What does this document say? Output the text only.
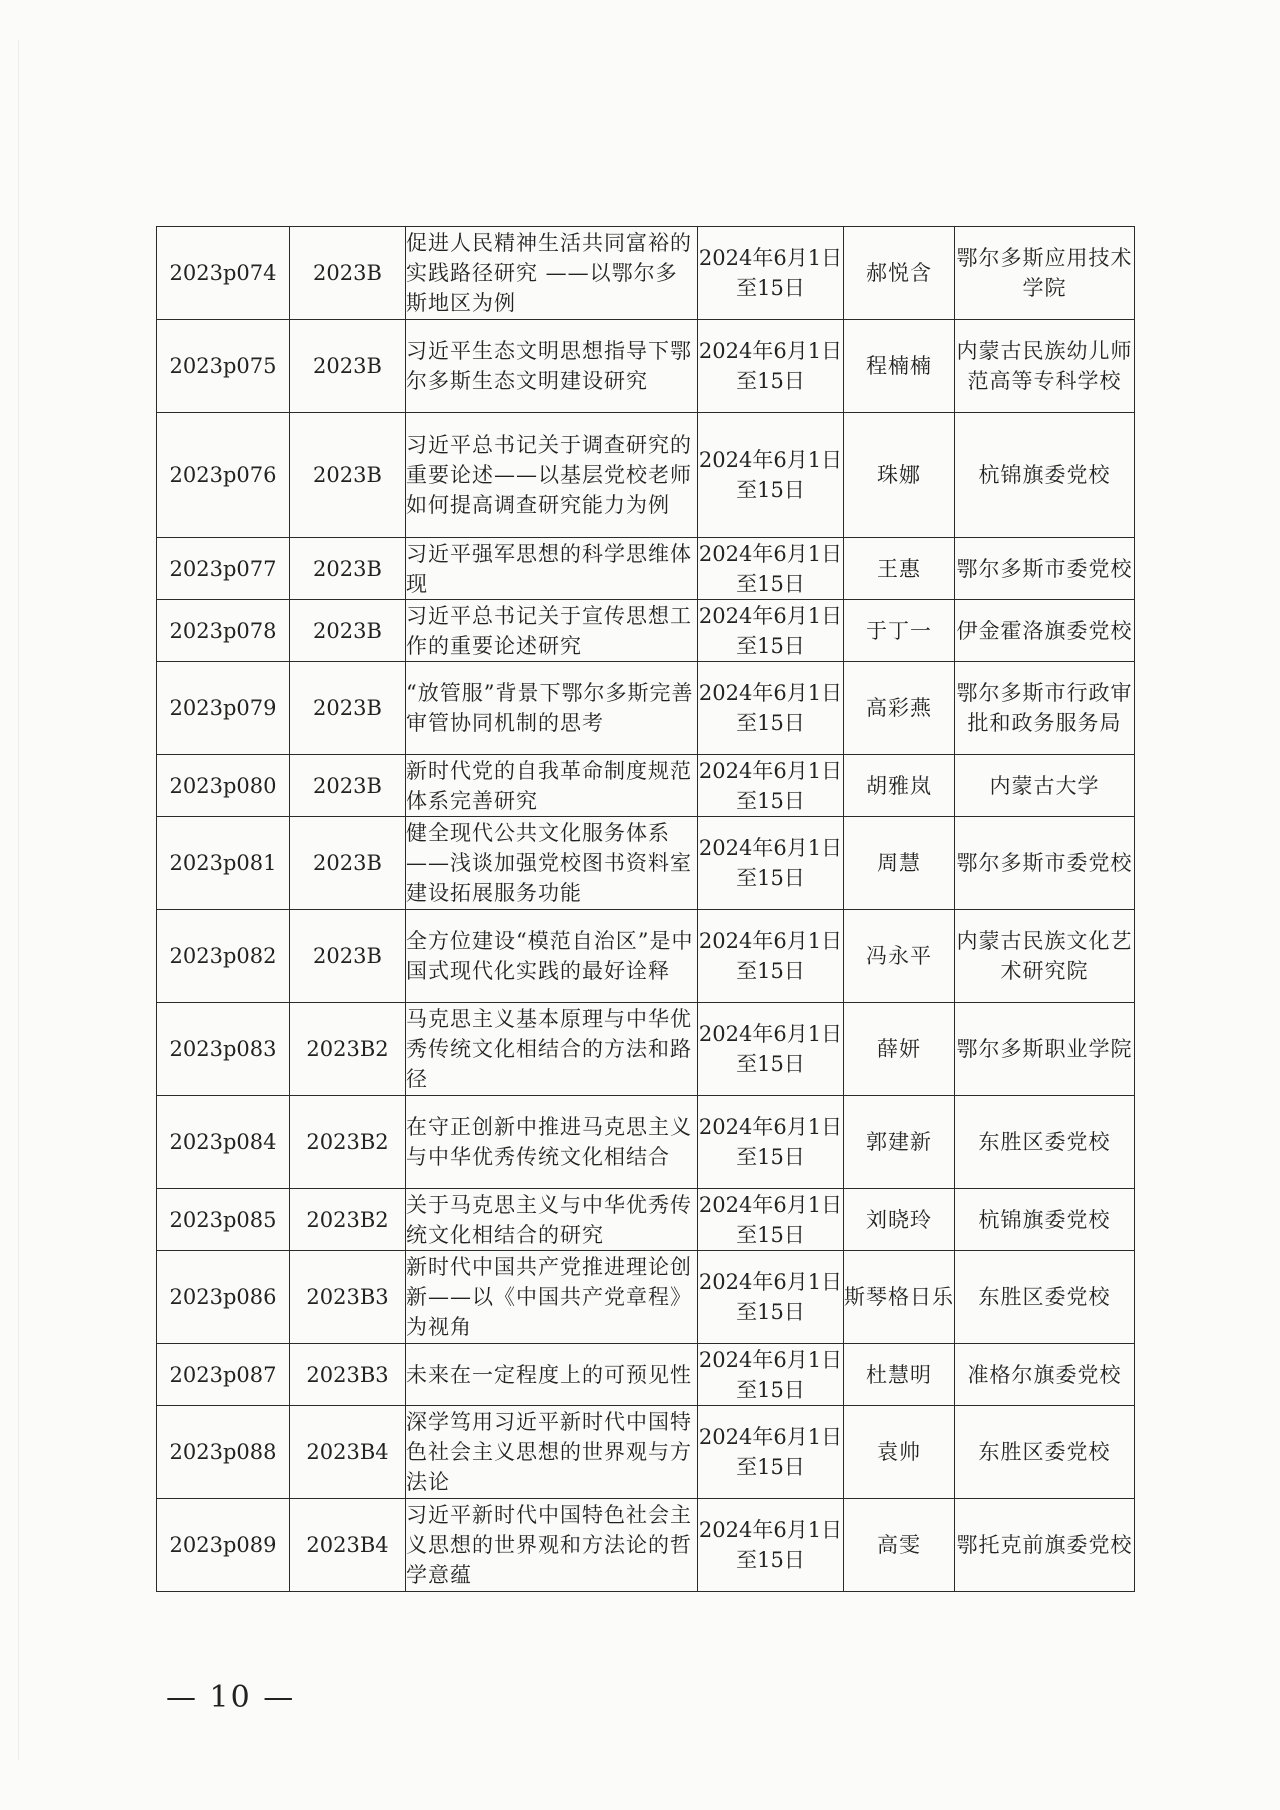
2023p074	2023B	促进人民精神生活共同富裕的实践路径研究 ——以鄂尔多斯地区为例	2024年6月1日至15日	郝悦含	鄂尔多斯应用技术学院
2023p075	2023B	习近平生态文明思想指导下鄂尔多斯生态文明建设研究	2024年6月1日至15日	程楠楠	内蒙古民族幼儿师范高等专科学校
2023p076	2023B	习近平总书记关于调查研究的重要论述——以基层党校老师如何提高调查研究能力为例	2024年6月1日至15日	珠娜	杭锦旗委党校
2023p077	2023B	习近平强军思想的科学思维体现	2024年6月1日至15日	王惠	鄂尔多斯市委党校
2023p078	2023B	习近平总书记关于宣传思想工作的重要论述研究	2024年6月1日至15日	于丁一	伊金霍洛旗委党校
2023p079	2023B	“放管服”背景下鄂尔多斯完善审管协同机制的思考	2024年6月1日至15日	高彩燕	鄂尔多斯市行政审批和政务服务局
2023p080	2023B	新时代党的自我革命制度规范体系完善研究	2024年6月1日至15日	胡雅岚	内蒙古大学
2023p081	2023B	健全现代公共文化服务体系——浅谈加强党校图书资料室建设拓展服务功能	2024年6月1日至15日	周慧	鄂尔多斯市委党校
2023p082	2023B	全方位建设“模范自治区”是中国式现代化实践的最好诠释	2024年6月1日至15日	冯永平	内蒙古民族文化艺术研究院
2023p083	2023B2	马克思主义基本原理与中华优秀传统文化相结合的方法和路径	2024年6月1日至15日	薛妍	鄂尔多斯职业学院
2023p084	2023B2	在守正创新中推进马克思主义与中华优秀传统文化相结合	2024年6月1日至15日	郭建新	东胜区委党校
2023p085	2023B2	关于马克思主义与中华优秀传统文化相结合的研究	2024年6月1日至15日	刘晓玲	杭锦旗委党校
2023p086	2023B3	新时代中国共产党推进理论创新——以《中国共产党章程》为视角	2024年6月1日至15日	斯琴格日乐	东胜区委党校
2023p087	2023B3	未来在一定程度上的可预见性	2024年6月1日至15日	杜慧明	准格尔旗委党校
2023p088	2023B4	深学笃用习近平新时代中国特色社会主义思想的世界观与方法论	2024年6月1日至15日	袁帅	东胜区委党校
2023p089	2023B4	习近平新时代中国特色社会主义思想的世界观和方法论的哲学意蕴	2024年6月1日至15日	高雯	鄂托克前旗委党校
— 10 —
